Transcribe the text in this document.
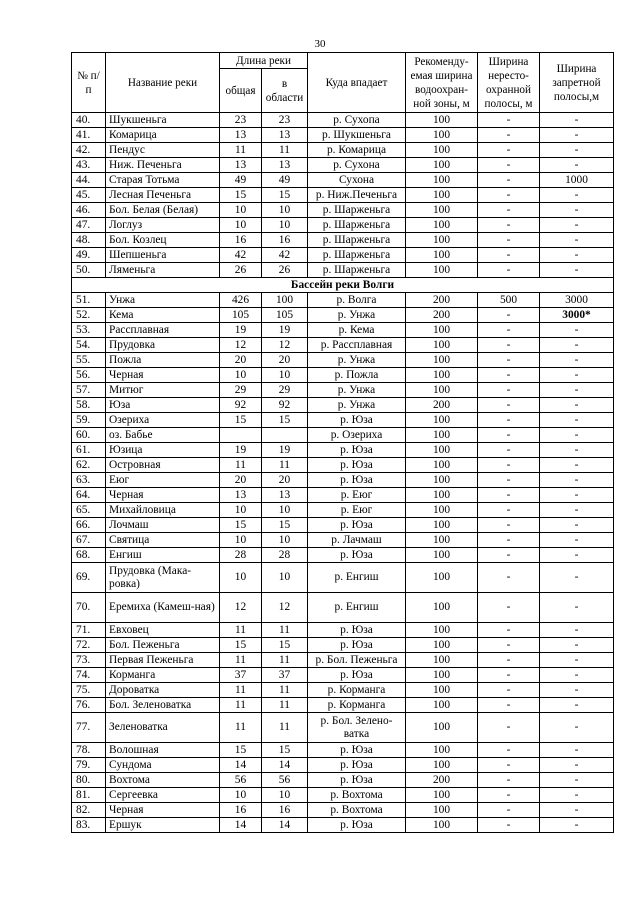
30
№ п/п	Название реки	Длина реки		Куда впадает	Рекоменду-емая ширина водоохран-ной зоны, м	Ширина нересто-охранной полосы, м	Ширина запретной полосы,м
		общая	в области				
40.	Шукшеньга	23	23	р. Сухопа	100	-	-
41.	Комарица	13	13	р. Шукшеньга	100	-	-
42.	Пендус	11	11	р. Комарица	100	-	-
43.	Ниж. Печеньга	13	13	р. Сухона	100	-	-
44.	Старая Тотьма	49	49	Сухона	100	-	1000
45.	Лесная Печеньга	15	15	р. Ниж.Печеньга	100	-	-
46.	Бол. Белая (Белая)	10	10	р. Шарженьга	100	-	-
47.	Логлуз	10	10	р. Шарженьга	100	-	-
48.	Бол. Козлец	16	16	р. Шарженьга	100	-	-
49.	Шепшеньга	42	42	р. Шарженьга	100	-	-
50.	Ляменьга	26	26	р. Шарженьга	100	-	-
Бассейн реки Волги							
51.	Унжа	426	100	р. Волга	200	500	3000
52.	Кема	105	105	р. Унжа	200	-	3000*
53.	Рассплавная	19	19	р. Кема	100	-	-
54.	Прудовка	12	12	р. Рассплавная	100	-	-
55.	Пожла	20	20	р. Унжа	100	-	-
56.	Черная	10	10	р. Пожла	100	-	-
57.	Митюг	29	29	р. Унжа	100	-	-
58.	Юза	92	92	р. Унжа	200	-	-
59.	Озериха	15	15	р. Юза	100	-	-
60.	оз. Бабье			р. Озериха	100	-	-
61.	Юзица	19	19	р. Юза	100	-	-
62.	Островная	11	11	р. Юза	100	-	-
63.	Еюг	20	20	р. Юза	100	-	-
64.	Черная	13	13	р. Еюг	100	-	-
65.	Михайловица	10	10	р. Еюг	100	-	-
66.	Лочмаш	15	15	р. Юза	100	-	-
67.	Святица	10	10	р. Лачмаш	100	-	-
68.	Енгиш	28	28	р. Юза	100	-	-
69.	Прудовка (Мака-ровка)	10	10	р. Енгиш	100	-	-
70.	Еремиха (Камеш-ная)	12	12	р. Енгиш	100	-	-
71.	Евховец	11	11	р. Юза	100	-	-
72.	Бол. Пеженьга	15	15	р. Юза	100	-	-
73.	Первая Пеженьга	11	11	р. Бол. Пеженьга	100	-	-
74.	Корманга	37	37	р. Юза	100	-	-
75.	Дороватка	11	11	р. Корманга	100	-	-
76.	Бол. Зеленоватка	11	11	р. Корманга	100	-	-
77.	Зеленоватка	11	11	р. Бол. Зелено-ватка	100	-	-
78.	Волошная	15	15	р. Юза	100	-	-
79.	Сундома	14	14	р. Юза	100	-	-
80.	Вохтома	56	56	р. Юза	200	-	-
81.	Сергеевка	10	10	р. Вохтома	100	-	-
82.	Черная	16	16	р. Вохтома	100	-	-
83.	Ершук	14	14	р. Юза	100	-	-
